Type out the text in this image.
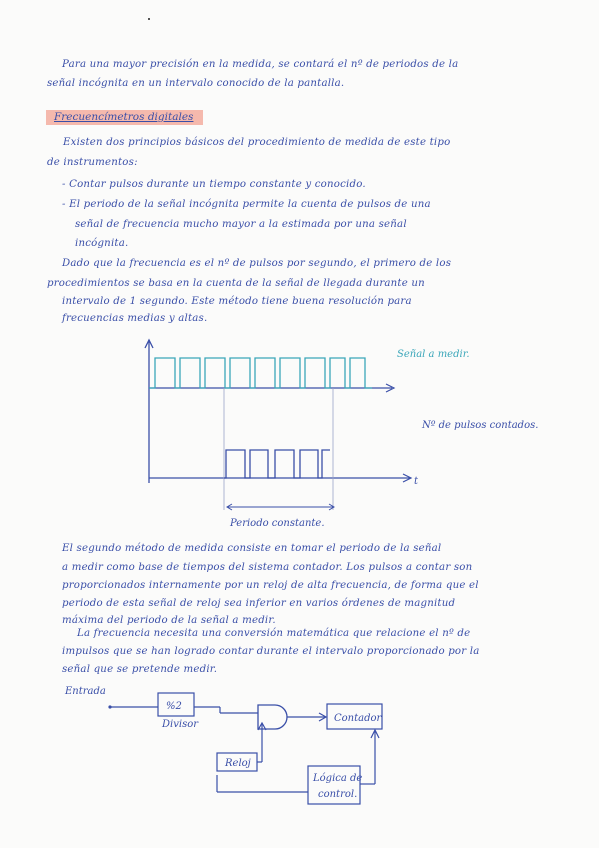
Para una mayor precisión en la medida, se contará el nº de periodos de la
señal incógnita en un intervalo conocido de la pantalla.
Frecuencímetros digitales
Existen dos principios básicos del procedimiento de medida de este tipo
de instrumentos:
- Contar pulsos durante un tiempo constante y conocido.
- El periodo de la señal incógnita permite la cuenta de pulsos de una
señal de frecuencia mucho mayor a la estimada por una señal
incógnita.
Dado que la frecuencia es el nº de pulsos por segundo, el primero de los
procedimientos se basa en la cuenta de la señal de llegada durante un
intervalo de 1 segundo. Este método tiene buena resolución para
frecuencias medias y altas.
Señal a medir.
Nº de pulsos contados.
t
Periodo constante.
El segundo método de medida consiste en tomar el periodo de la señal
a medir como base de tiempos del sistema contador. Los pulsos a contar son
proporcionados internamente por un reloj de alta frecuencia, de forma que el
periodo de esta señal de reloj sea inferior en varios órdenes de magnitud
máxima del periodo de la señal a medir.
La frecuencia necesita una conversión matemática que relacione el nº de
impulsos que se han logrado contar durante el intervalo proporcionado por la
señal que se pretende medir.
Entrada
%2
Divisor
Contador
Reloj
Lógica de
control.
